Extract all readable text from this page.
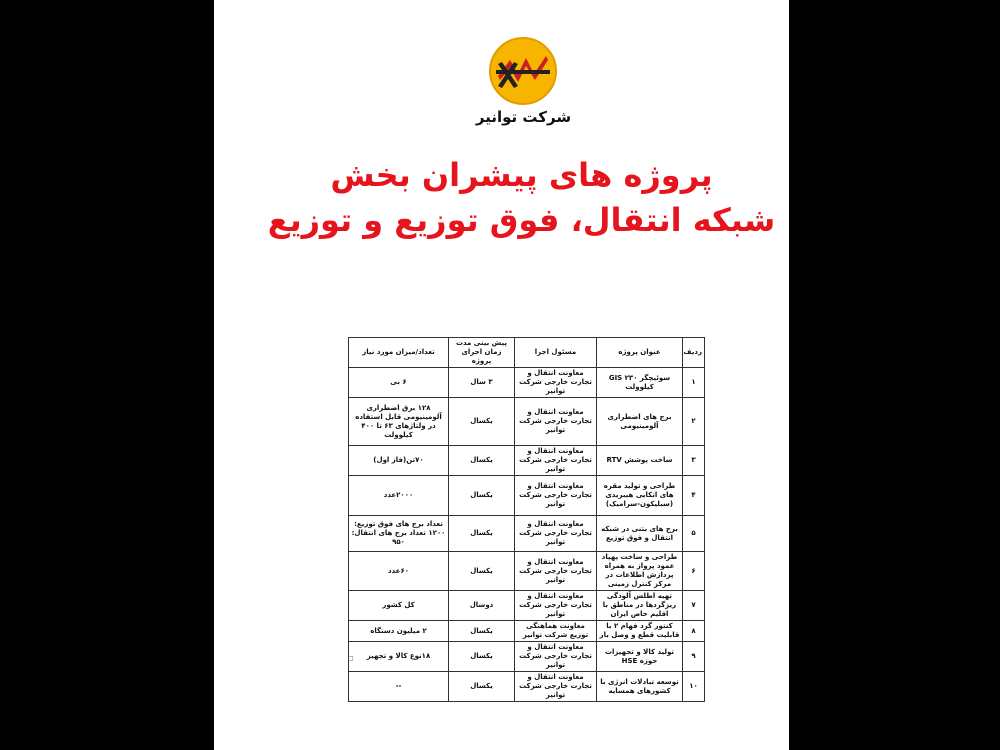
شرکت توانیر
پروژه های پیشران بخش
شبکه انتقال، فوق توزیع و توزیع
ردیف	عنوان پروژه	مسئول اجرا	پیش بینی مدت زمان اجرای پروژه	تعداد/میزان مورد نیاز
۱	سوئیچگر GIS ۲۳۰ کیلوولت	معاونت انتقال و تجارت خارجی شرکت توانیر	۳ سال	۶ بی
۲	برج های اضطراری آلومینیومی	معاونت انتقال و تجارت خارجی شرکت توانیر	یکسال	۱۲۸ برق اضطراری آلومینیومی قابل استفاده در ولتاژهای ۶۳ تا ۴۰۰ کیلوولت
۳	ساخت پوشش RTV	معاونت انتقال و تجارت خارجی شرکت توانیر	یکسال	۷۰تن(فاز اول)
۴	طراحی و تولید مقره های اتکایی هیبریدی (سیلیکون-سرامیک)	معاونت انتقال و تجارت خارجی شرکت توانیر	یکسال	۲۰۰۰عدد
۵	برج های بتنی در شبکه انتقال و فوق توزیع	معاونت انتقال و تجارت خارجی شرکت توانیر	یکسال	تعداد برج های فوق توزیع: ۱۲۰۰ تعداد برج های انتقال: ۹۵۰
۶	طراحی و ساخت پهپاد عمود پرواز به همراه پردازش اطلاعات در مرکز کنترل زمینی	معاونت انتقال و تجارت خارجی شرکت توانیر	یکسال	۶۰عدد
۷	تهیه اطلس آلودگی ریزگردها در مناطق با اقلیم خاص ایران	معاونت انتقال و تجارت خارجی شرکت توانیر	دوسال	کل کشور
۸	کنتور گرد فهام ۲ با قابلیت قطع و وصل بار	معاونت هماهنگی توزیع شرکت توانیر	یکسال	۲ میلیون دستگاه
۹	تولید کالا و تجهیزات حوزه HSE	معاونت انتقال و تجارت خارجی شرکت توانیر	یکسال	۱۸نوع کالا و تجهیز
۱۰	توسعه تبادلات انرژی با کشورهای همسایه	معاونت انتقال و تجارت خارجی شرکت توانیر	یکسال	--
□
